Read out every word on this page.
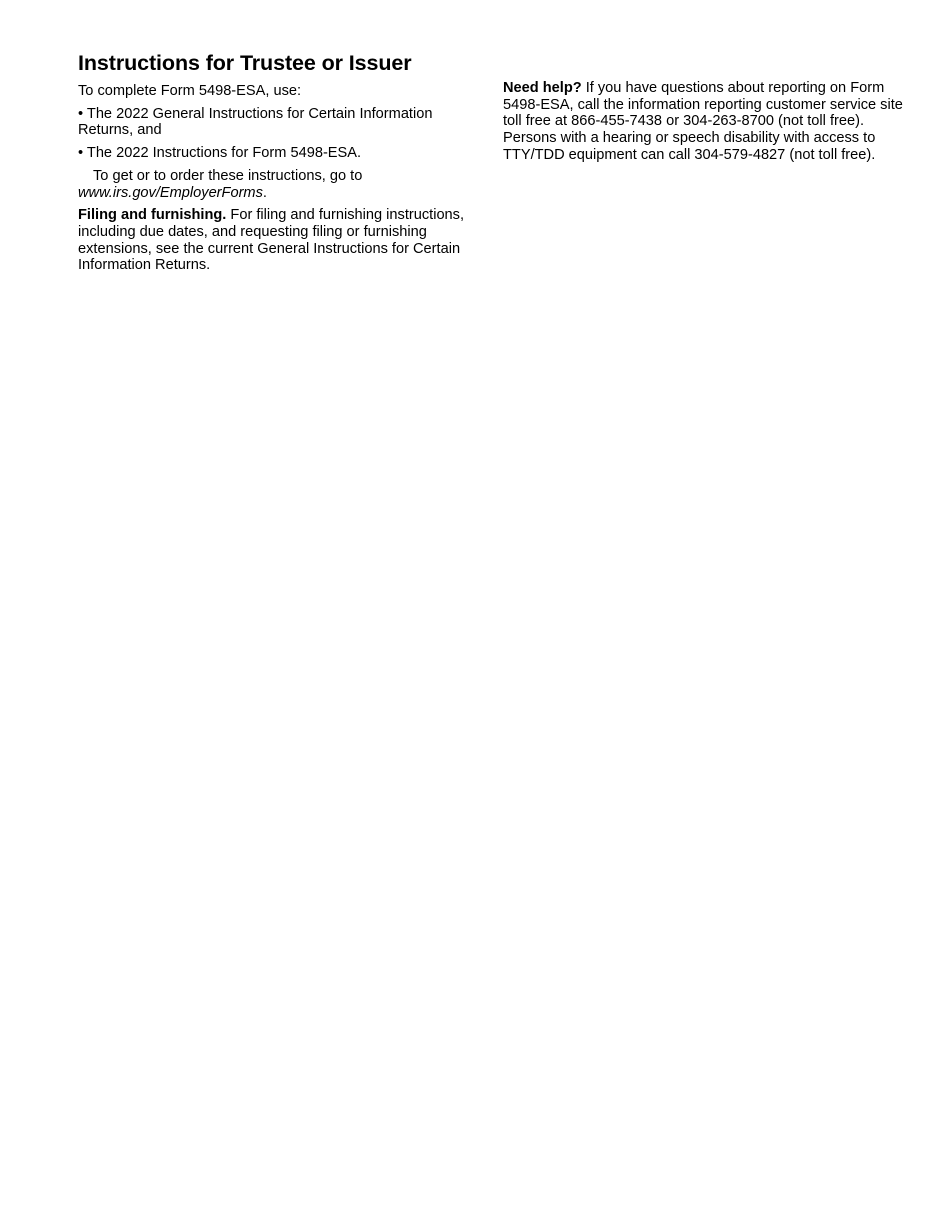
Instructions for Trustee or Issuer

To complete Form 5498-ESA, use:

• The 2022 General Instructions for Certain Information Returns, and

• The 2022 Instructions for Form 5498-ESA.

To get or to order these instructions, go to www.irs.gov/EmployerForms.

Filing and furnishing. For filing and furnishing instructions, including due dates, and requesting filing or furnishing extensions, see the current General Instructions for Certain Information Returns.

Need help? If you have questions about reporting on Form 5498-ESA, call the information reporting customer service site toll free at 866-455-7438 or 304-263-8700 (not toll free). Persons with a hearing or speech disability with access to TTY/TDD equipment can call 304-579-4827 (not toll free).
